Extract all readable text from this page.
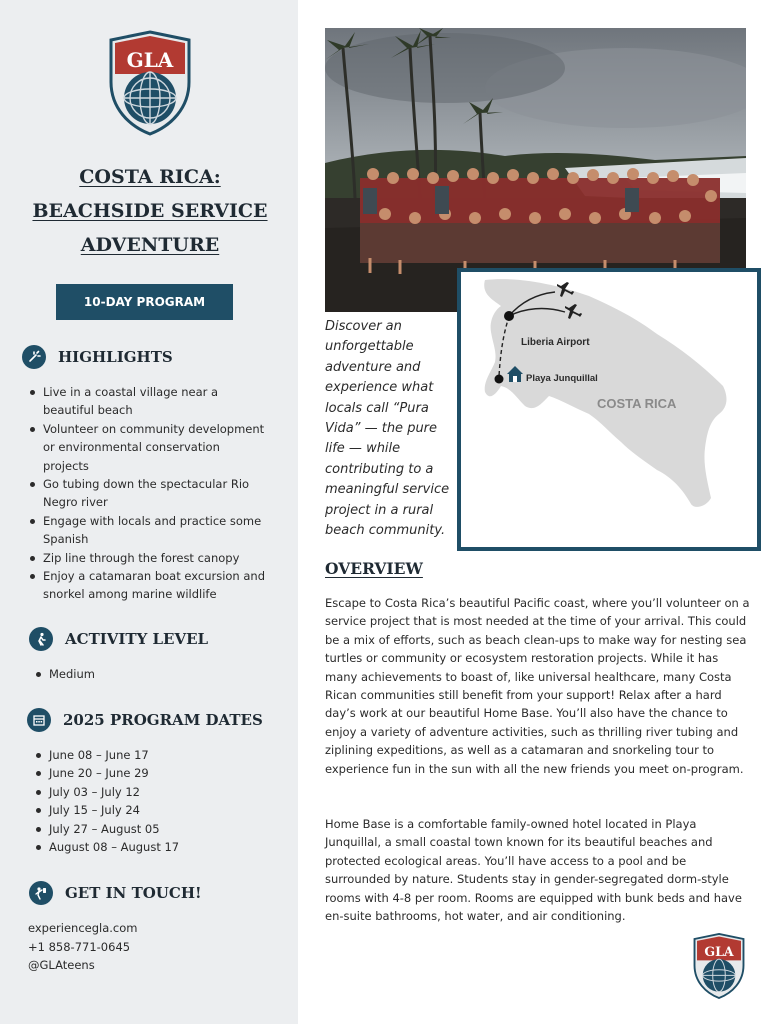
GLA
COSTA RICA:
BEACHSIDE SERVICE
ADVENTURE
10-DAY PROGRAM
HIGHLIGHTS
Live in a coastal village near a beautiful beach
Volunteer on community development or environmental conservation projects
Go tubing down the spectacular Rio Negro river
Engage with locals and practice some Spanish
Zip line through the forest canopy
Enjoy a catamaran boat excursion and snorkel among marine wildlife
ACTIVITY LEVEL
Medium
2025 PROGRAM DATES
June 08 – June 17
June 20 – June 29
July 03 – July 12
July 15 – July 24
July 27 – August 05
August 08 – August 17
GET IN TOUCH!
experiencegla.com
+1 858-771-0645
@GLAteens
Liberia Airport
Playa Junquillal
COSTA RICA
Discover an unforgettable adventure and experience what locals call “Pura Vida” — the pure life — while contributing to a meaningful service project in a rural beach community.
OVERVIEW
Escape to Costa Rica’s beautiful Pacific coast, where you’ll volunteer on a service project that is most needed at the time of your arrival. This could be a mix of efforts, such as beach clean-ups to make way for nesting sea turtles or community or ecosystem restoration projects. While it has many achievements to boast of, like universal healthcare, many Costa Rican communities still benefit from your support! Relax after a hard day’s work at our beautiful Home Base. You’ll also have the chance to enjoy a variety of adventure activities, such as thrilling river tubing and ziplining expeditions, as well as a catamaran and snorkeling tour to experience fun in the sun with all the new friends you meet on-program.
Home Base is a comfortable family-owned hotel located in Playa Junquillal, a small coastal town known for its beautiful beaches and protected ecological areas. You’ll have access to a pool and be surrounded by nature. Students stay in gender-segregated dorm-style rooms with 4-8 per room. Rooms are equipped with bunk beds and have en-suite bathrooms, hot water, and air conditioning.
GLA
